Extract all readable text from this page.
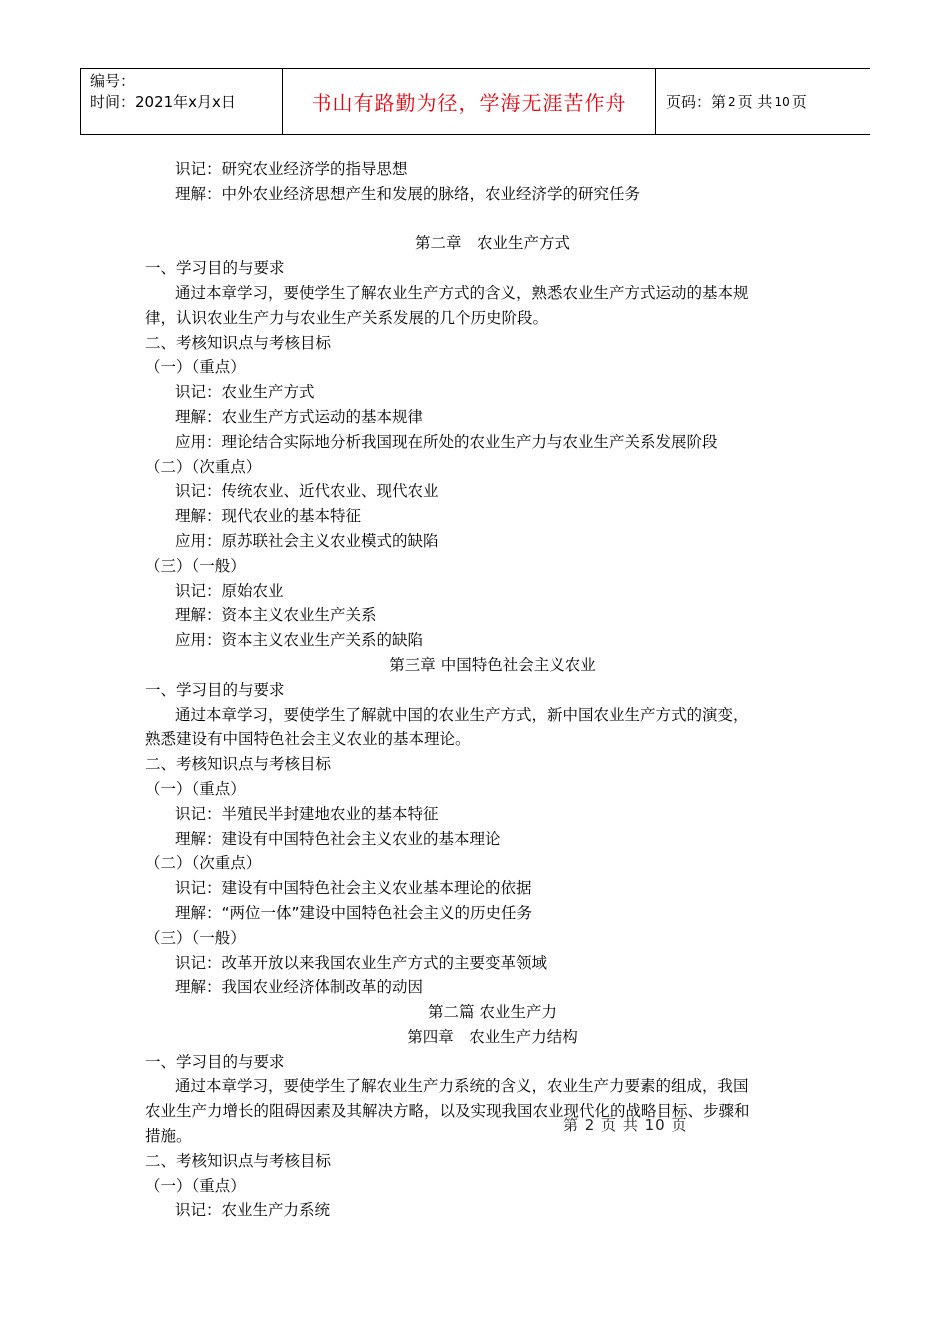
编号：
时间：2021年x月x日	书山有路勤为径，学海无涯苦作舟	页码：第 2 页 共 10 页
识记：研究农业经济学的指导思想
理解：中外农业经济思想产生和发展的脉络，农业经济学的研究任务
第二章　农业生产方式
一、学习目的与要求
通过本章学习，要使学生了解农业生产方式的含义，熟悉农业生产方式运动的基本规
律，认识农业生产力与农业生产关系发展的几个历史阶段。
二、考核知识点与考核目标
（一）（重点）
识记：农业生产方式
理解：农业生产方式运动的基本规律
应用：理论结合实际地分析我国现在所处的农业生产力与农业生产关系发展阶段
（二）（次重点）
识记：传统农业、近代农业、现代农业
理解：现代农业的基本特征
应用：原苏联社会主义农业模式的缺陷
（三）（一般）
识记：原始农业
理解：资本主义农业生产关系
应用：资本主义农业生产关系的缺陷
第三章 中国特色社会主义农业
一、学习目的与要求
通过本章学习，要使学生了解就中国的农业生产方式，新中国农业生产方式的演变，
熟悉建设有中国特色社会主义农业的基本理论。
二、考核知识点与考核目标
（一）（重点）
识记：半殖民半封建地农业的基本特征
理解：建设有中国特色社会主义农业的基本理论
（二）（次重点）
识记：建设有中国特色社会主义农业基本理论的依据
理解：“两位一体”建设中国特色社会主义的历史任务
（三）（一般）
识记：改革开放以来我国农业生产方式的主要变革领域
理解：我国农业经济体制改革的动因
第二篇 农业生产力
第四章　农业生产力结构
一、学习目的与要求
通过本章学习，要使学生了解农业生产力系统的含义，农业生产力要素的组成，我国
农业生产力增长的阻碍因素及其解决方略，以及实现我国农业现代化的战略目标、步骤和
措施。
二、考核知识点与考核目标
（一）（重点）
识记：农业生产力系统
第 2 页 共 10 页
